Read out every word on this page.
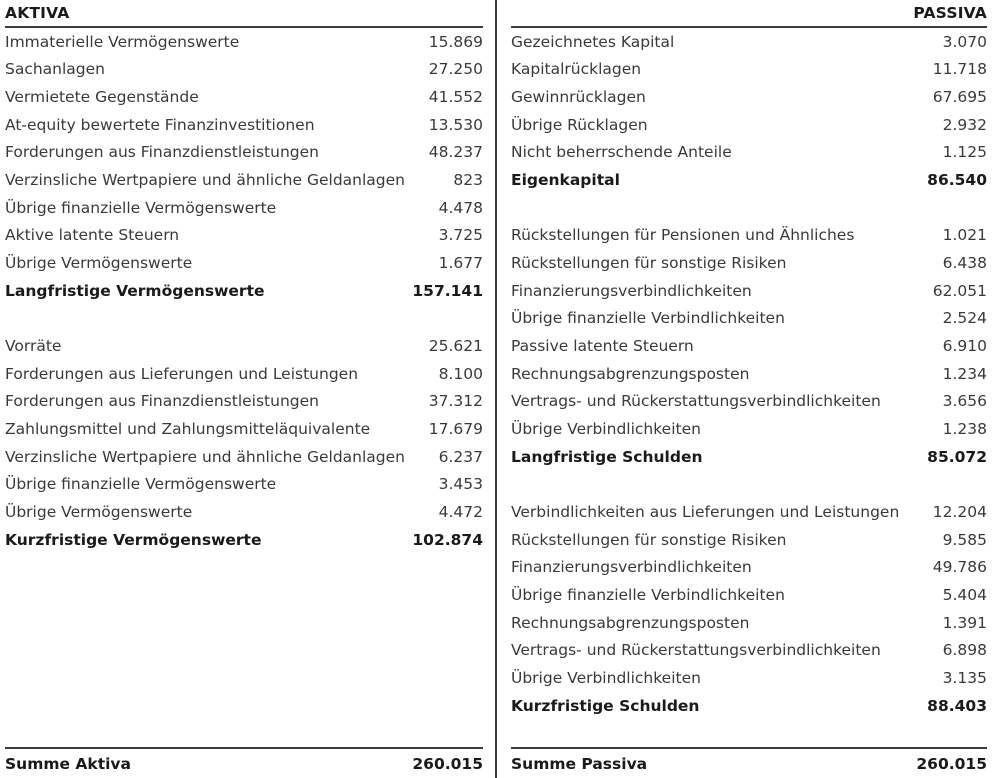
AKTIVA
Immaterielle Vermögenswerte	15.869
Sachanlagen	27.250
Vermietete Gegenstände	41.552
At-equity bewertete Finanzinvestitionen	13.530
Forderungen aus Finanzdienstleistungen	48.237
Verzinsliche Wertpapiere und ähnliche Geldanlagen	823
Übrige finanzielle Vermögenswerte	4.478
Aktive latente Steuern	3.725
Übrige Vermögenswerte	1.677
Langfristige Vermögenswerte	157.141
Vorräte	25.621
Forderungen aus Lieferungen und Leistungen	8.100
Forderungen aus Finanzdienstleistungen	37.312
Zahlungsmittel und Zahlungsmitteläquivalente	17.679
Verzinsliche Wertpapiere und ähnliche Geldanlagen	6.237
Übrige finanzielle Vermögenswerte	3.453
Übrige Vermögenswerte	4.472
Kurzfristige Vermögenswerte	102.874
Summe Aktiva	260.015
PASSIVA
Gezeichnetes Kapital	3.070
Kapitalrücklagen	11.718
Gewinnrücklagen	67.695
Übrige Rücklagen	2.932
Nicht beherrschende Anteile	1.125
Eigenkapital	86.540
Rückstellungen für Pensionen und Ähnliches	1.021
Rückstellungen für sonstige Risiken	6.438
Finanzierungsverbindlichkeiten	62.051
Übrige finanzielle Verbindlichkeiten	2.524
Passive latente Steuern	6.910
Rechnungsabgrenzungsposten	1.234
Vertrags- und Rückerstattungsverbindlichkeiten	3.656
Übrige Verbindlichkeiten	1.238
Langfristige Schulden	85.072
Verbindlichkeiten aus Lieferungen und Leistungen	12.204
Rückstellungen für sonstige Risiken	9.585
Finanzierungsverbindlichkeiten	49.786
Übrige finanzielle Verbindlichkeiten	5.404
Rechnungsabgrenzungsposten	1.391
Vertrags- und Rückerstattungsverbindlichkeiten	6.898
Übrige Verbindlichkeiten	3.135
Kurzfristige Schulden	88.403
Summe Passiva	260.015
